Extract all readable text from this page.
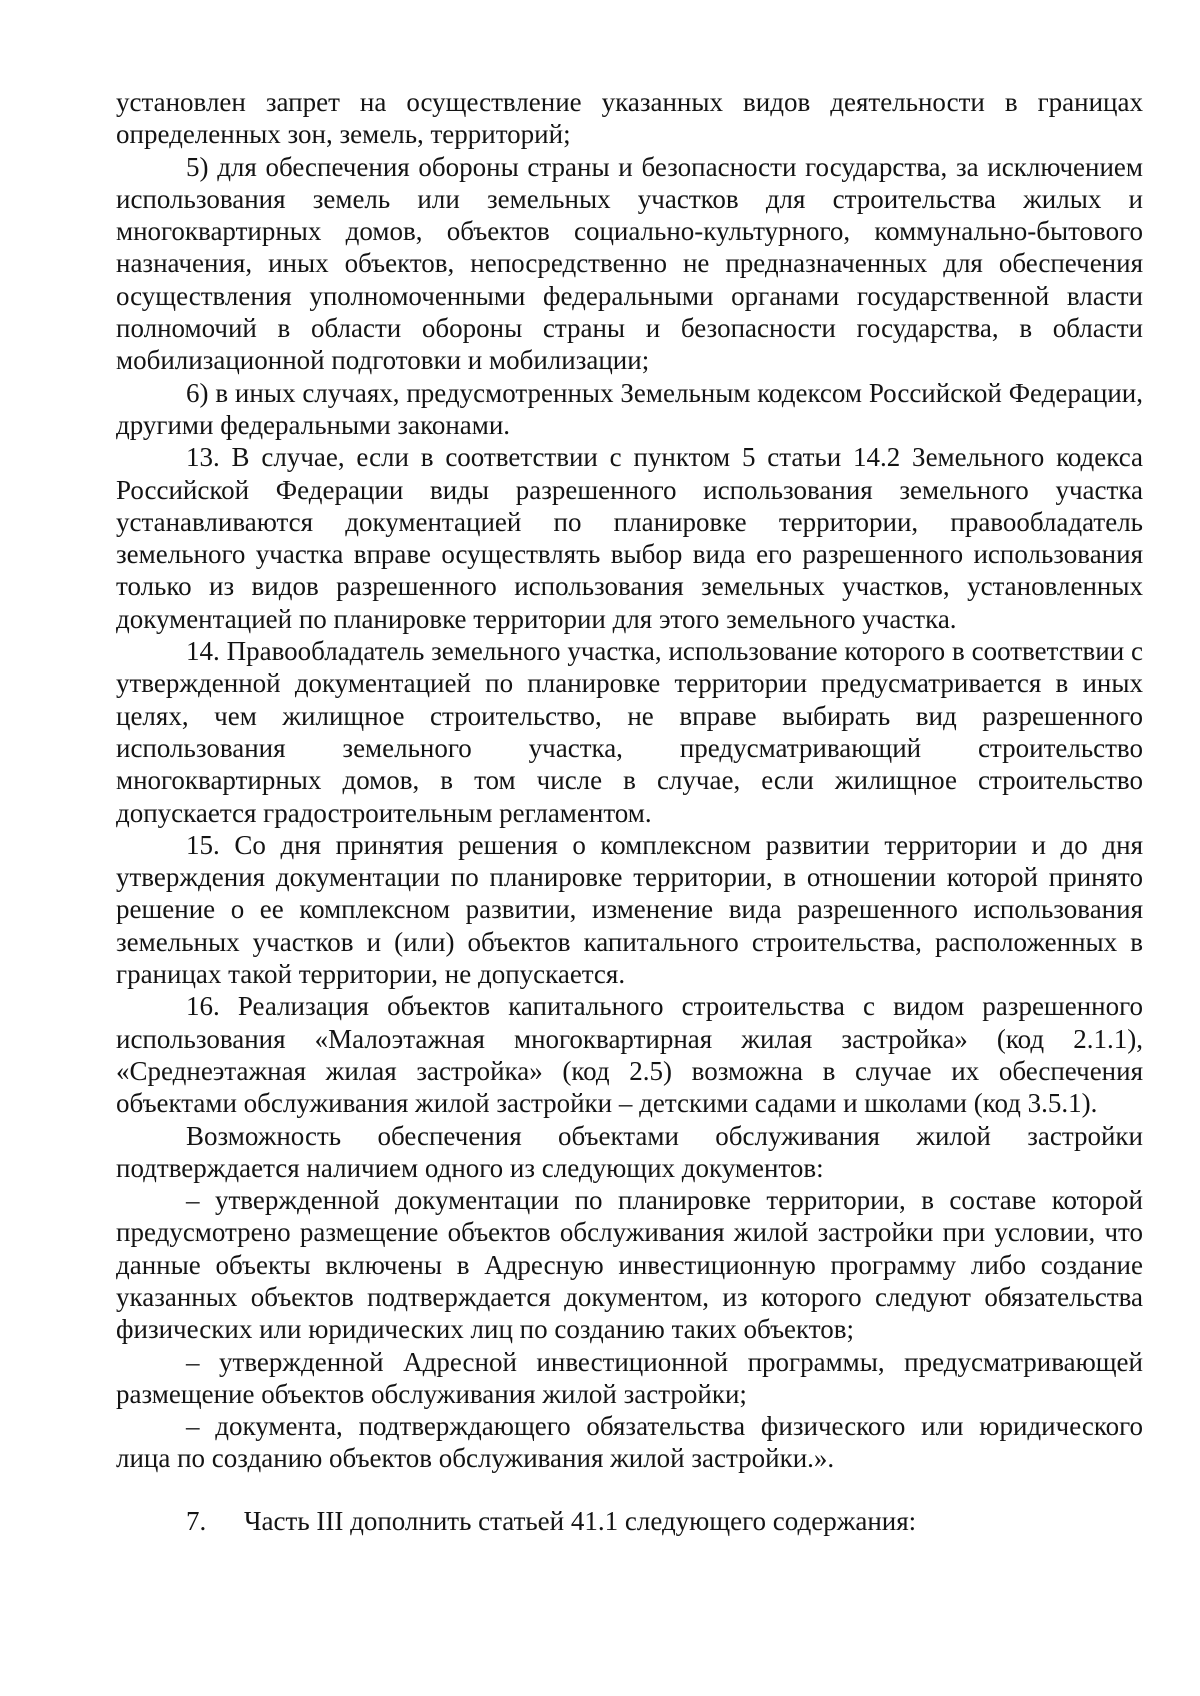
установлен запрет на осуществление указанных видов деятельности в границах определенных зон, земель, территорий;

5) для обеспечения обороны страны и безопасности государства, за исключением использования земель или земельных участков для строительства жилых и многоквартирных домов, объектов социально-культурного, коммунально-бытового назначения, иных объектов, непосредственно не предназначенных для обеспечения осуществления уполномоченными федеральными органами государственной власти полномочий в области обороны страны и безопасности государства, в области мобилизационной подготовки и мобилизации;

6) в иных случаях, предусмотренных Земельным кодексом Российской Федерации, другими федеральными законами.

13. В случае, если в соответствии с пунктом 5 статьи 14.2 Земельного кодекса Российской Федерации виды разрешенного использования земельного участка устанавливаются документацией по планировке территории, правообладатель земельного участка вправе осуществлять выбор вида его разрешенного использования только из видов разрешенного использования земельных участков, установленных документацией по планировке территории для этого земельного участка.

14. Правообладатель земельного участка, использование которого в соответствии с утвержденной документацией по планировке территории предусматривается в иных целях, чем жилищное строительство, не вправе выбирать вид разрешенного использования земельного участка, предусматривающий строительство многоквартирных домов, в том числе в случае, если жилищное строительство допускается градостроительным регламентом.

15. Со дня принятия решения о комплексном развитии территории и до дня утверждения документации по планировке территории, в отношении которой принято решение о ее комплексном развитии, изменение вида разрешенного использования земельных участков и (или) объектов капитального строительства, расположенных в границах такой территории, не допускается.

16. Реализация объектов капитального строительства с видом разрешенного использования «Малоэтажная многоквартирная жилая застройка» (код 2.1.1), «Среднеэтажная жилая застройка» (код 2.5) возможна в случае их обеспечения объектами обслуживания жилой застройки – детскими садами и школами (код 3.5.1).

Возможность обеспечения объектами обслуживания жилой застройки подтверждается наличием одного из следующих документов:

– утвержденной документации по планировке территории, в составе которой предусмотрено размещение объектов обслуживания жилой застройки при условии, что данные объекты включены в Адресную инвестиционную программу либо создание указанных объектов подтверждается документом, из которого следуют обязательства физических или юридических лиц по созданию таких объектов;

– утвержденной Адресной инвестиционной программы, предусматривающей размещение объектов обслуживания жилой застройки;

– документа, подтверждающего обязательства физического или юридического лица по созданию объектов обслуживания жилой застройки.».

7. Часть III дополнить статьей 41.1 следующего содержания:
